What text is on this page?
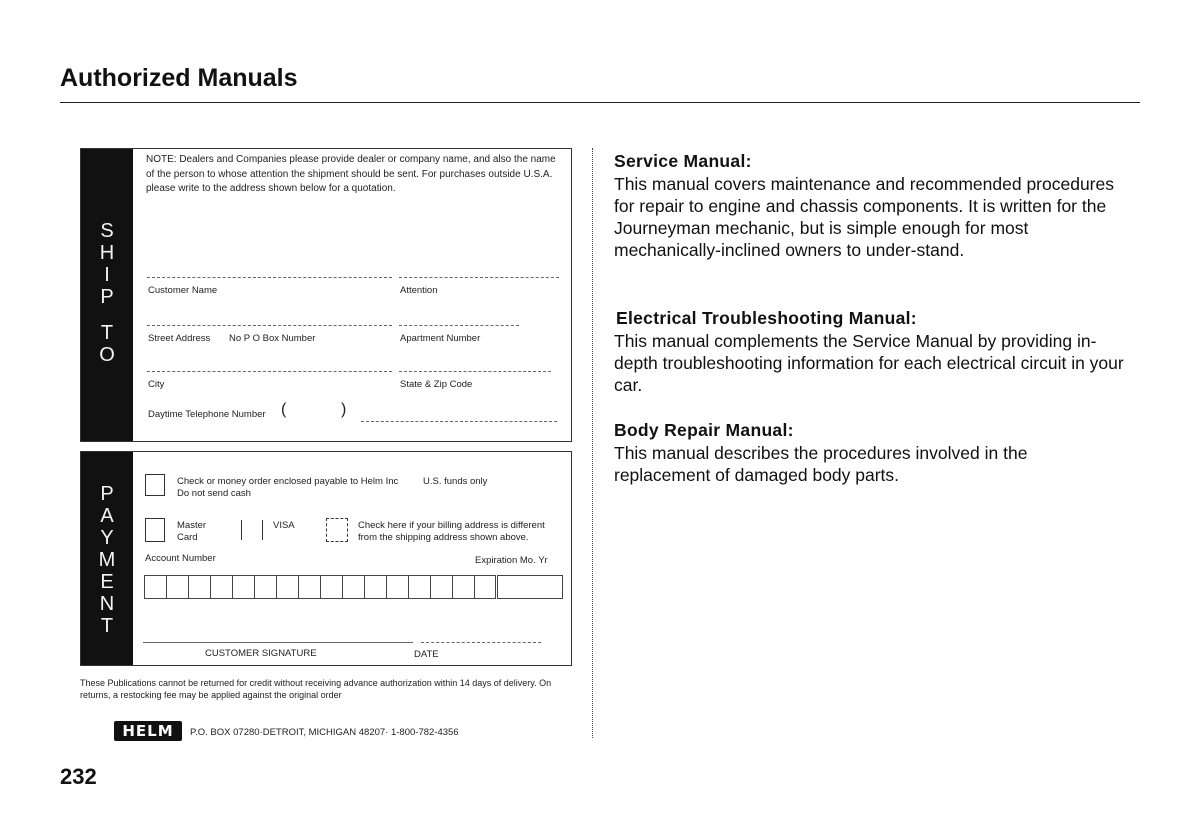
Authorized Manuals
S
H
I
P
T
O
NOTE: Dealers and Companies please provide dealer or company name, and also the name of the person to whose attention the shipment should be sent. For purchases outside U.S.A. please write to the address shown below for a quotation.
Customer Name	Attention
Street Address No P O Box Number	Apartment Number
City	State & Zip Code
Daytime Telephone Number (	)
P
A
Y
M
E
N
T
Check or money order enclosed payable to Helm Inc	U.S. funds only
Do not send cash
Master
Card
VISA	Check here if your billing address is different
from the shipping address shown above.
Account Number	Expiration Mo. Yr
CUSTOMER SIGNATURE	DATE
These Publications cannot be returned for credit without receiving advance authorization within 14 days of delivery. On returns, a restocking fee may be applied against the original order
HELM	P.O. BOX 07280·DETROIT, MICHIGAN 48207· 1-800-782-4356
Service Manual:

This manual covers maintenance and recommended procedures for repair to engine and chassis components. It is written for the Journeyman mechanic, but is simple enough for most mechanically-inclined owners to under-stand.

Electrical Troubleshooting Manual:

This manual complements the Service Manual by providing in-depth troubleshooting information for each electrical circuit in your car.

Body Repair Manual:

This manual describes the procedures involved in the replacement of damaged body parts.

232
